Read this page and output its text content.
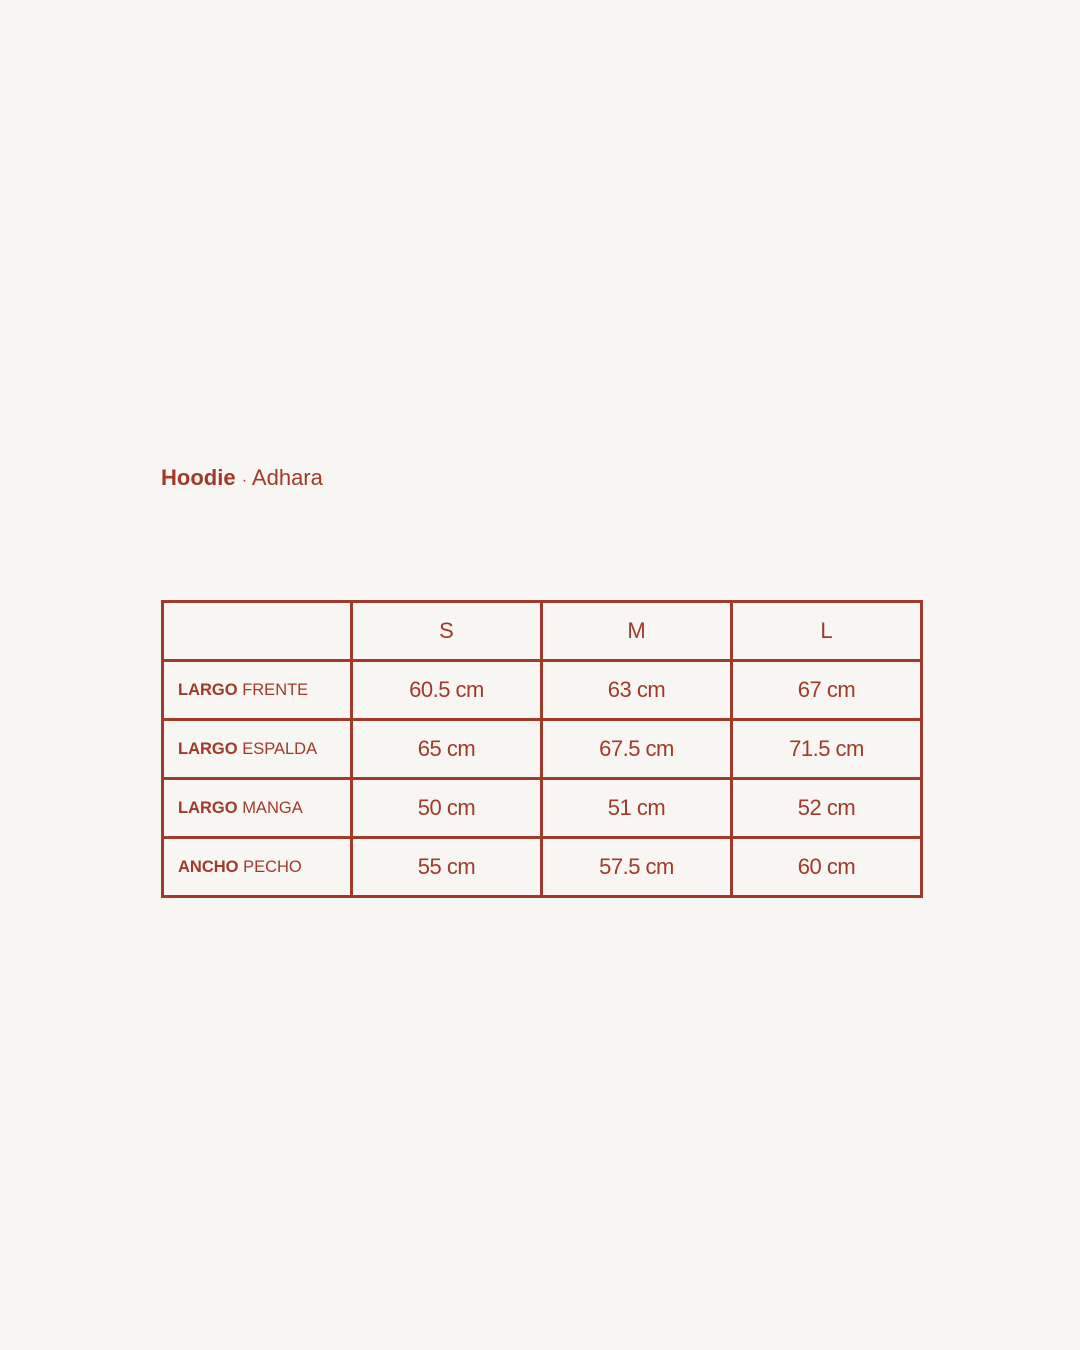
Hoodie · Adhara
	S	M	L
LARGO FRENTE	60.5 cm	63 cm	67 cm
LARGO ESPALDA	65 cm	67.5 cm	71.5 cm
LARGO MANGA	50 cm	51 cm	52 cm
ANCHO PECHO	55 cm	57.5 cm	60 cm
